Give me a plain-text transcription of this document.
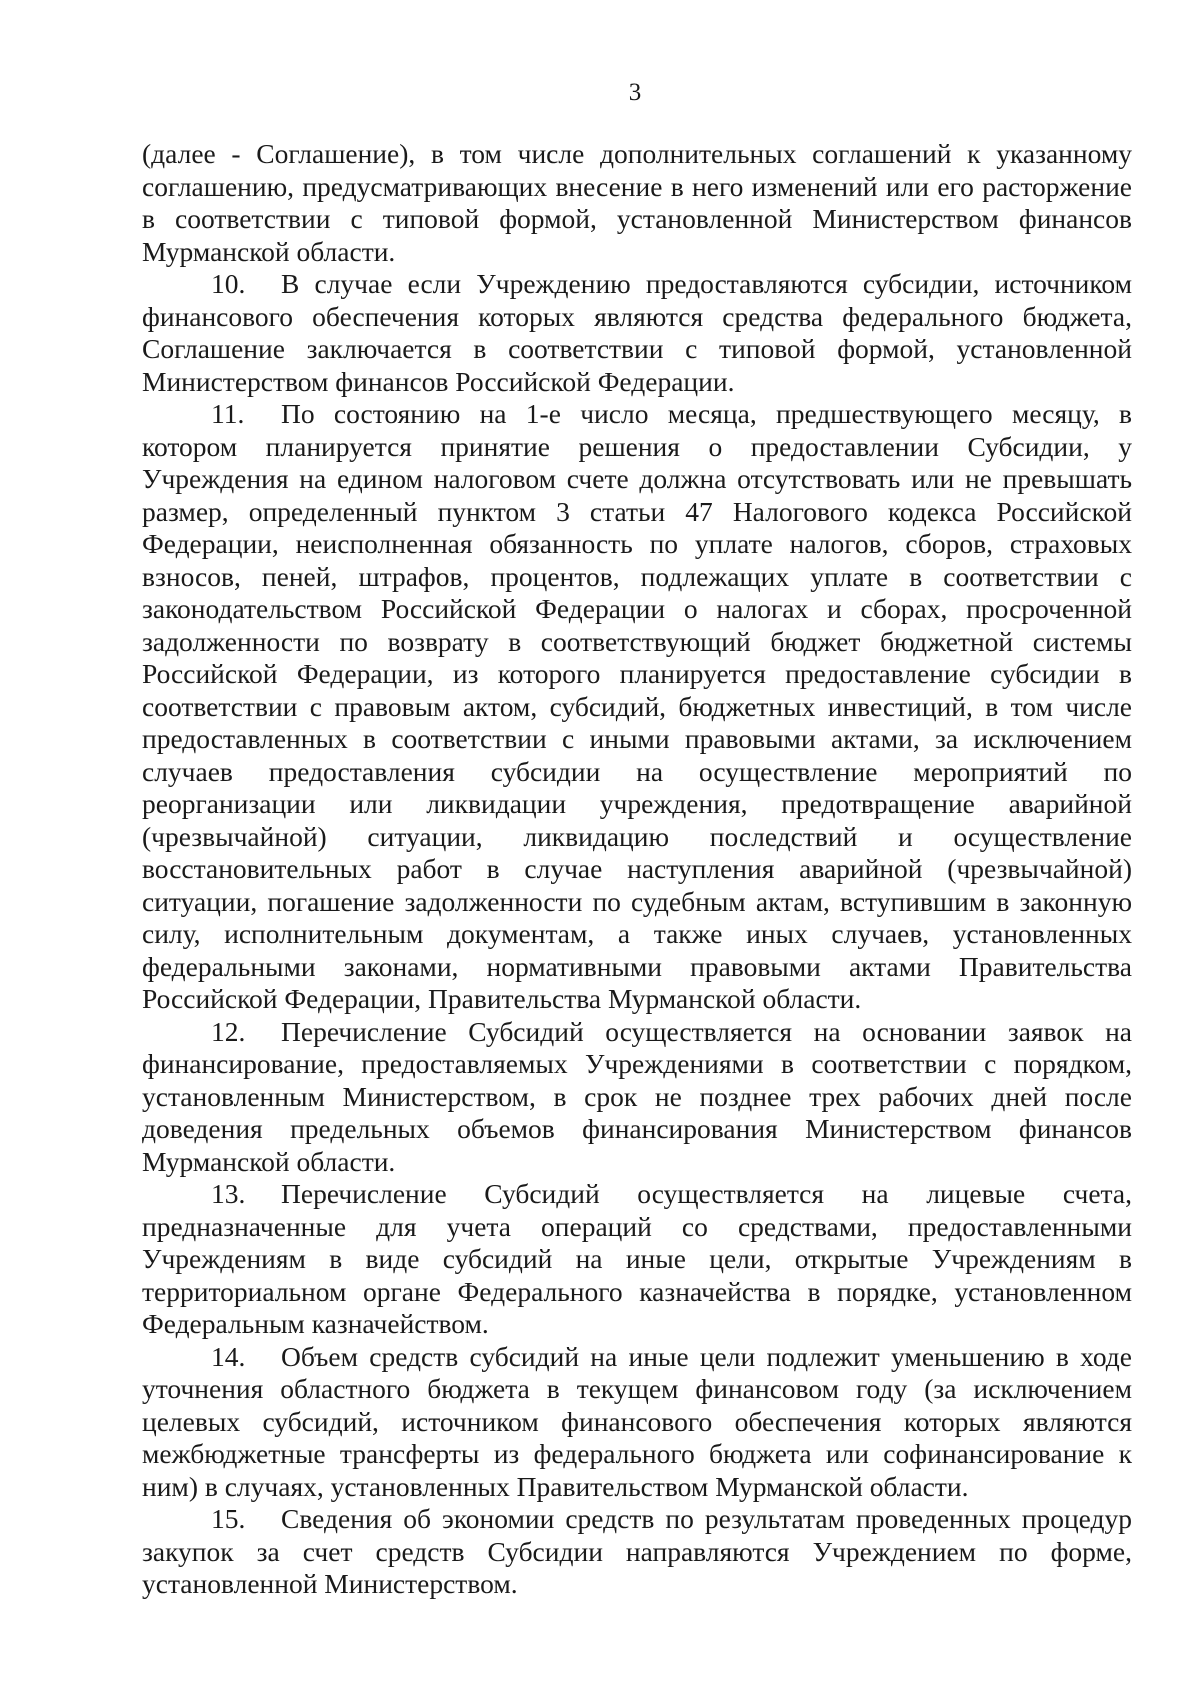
3

(далее - Соглашение), в том числе дополнительных соглашений к указанному соглашению, предусматривающих внесение в него изменений или его расторжение в соответствии с типовой формой, установленной Министерством финансов Мурманской области.

10. В случае если Учреждению предоставляются субсидии, источником финансового обеспечения которых являются средства федерального бюджета, Соглашение заключается в соответствии с типовой формой, установленной Министерством финансов Российской Федерации.

11. По состоянию на 1-е число месяца, предшествующего месяцу, в котором планируется принятие решения о предоставлении Субсидии, у Учреждения на едином налоговом счете должна отсутствовать или не превышать размер, определенный пунктом 3 статьи 47 Налогового кодекса Российской Федерации, неисполненная обязанность по уплате налогов, сборов, страховых взносов, пеней, штрафов, процентов, подлежащих уплате в соответствии с законодательством Российской Федерации о налогах и сборах, просроченной задолженности по возврату в соответствующий бюджет бюджетной системы Российской Федерации, из которого планируется предоставление субсидии в соответствии с правовым актом, субсидий, бюджетных инвестиций, в том числе предоставленных в соответствии с иными правовыми актами, за исключением случаев предоставления субсидии на осуществление мероприятий по реорганизации или ликвидации учреждения, предотвращение аварийной (чрезвычайной) ситуации, ликвидацию последствий и осуществление восстановительных работ в случае наступления аварийной (чрезвычайной) ситуации, погашение задолженности по судебным актам, вступившим в законную силу, исполнительным документам, а также иных случаев, установленных федеральными законами, нормативными правовыми актами Правительства Российской Федерации, Правительства Мурманской области.

12. Перечисление Субсидий осуществляется на основании заявок на финансирование, предоставляемых Учреждениями в соответствии с порядком, установленным Министерством, в срок не позднее трех рабочих дней после доведения предельных объемов финансирования Министерством финансов Мурманской области.

13. Перечисление Субсидий осуществляется на лицевые счета, предназначенные для учета операций со средствами, предоставленными Учреждениям в виде субсидий на иные цели, открытые Учреждениям в территориальном органе Федерального казначейства в порядке, установленном Федеральным казначейством.

14. Объем средств субсидий на иные цели подлежит уменьшению в ходе уточнения областного бюджета в текущем финансовом году (за исключением целевых субсидий, источником финансового обеспечения которых являются межбюджетные трансферты из федерального бюджета или софинансирование к ним) в случаях, установленных Правительством Мурманской области.

15. Сведения об экономии средств по результатам проведенных процедур закупок за счет средств Субсидии направляются Учреждением по форме, установленной Министерством.
